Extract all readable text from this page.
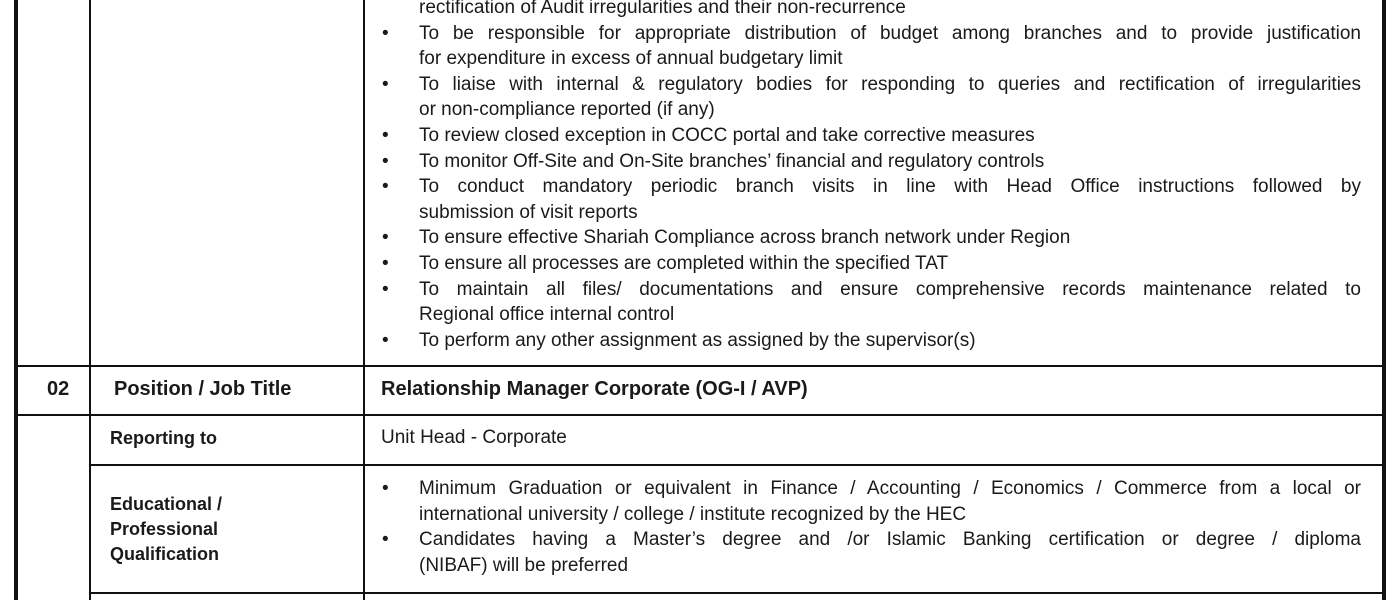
rectification of Audit irregularities and their non-recurrence
• To be responsible for appropriate distribution of budget among branches and to provide justification
for expenditure in excess of annual budgetary limit
• To liaise with internal & regulatory bodies for responding to queries and rectification of irregularities
or non-compliance reported (if any)
• To review closed exception in COCC portal and take corrective measures
• To monitor Off-Site and On-Site branches’ financial and regulatory controls
• To conduct mandatory periodic branch visits in line with Head Office instructions followed by
submission of visit reports
• To ensure effective Shariah Compliance across branch network under Region
• To ensure all processes are completed within the specified TAT
• To maintain all files/ documentations and ensure comprehensive records maintenance related to
Regional office internal control
• To perform any other assignment as assigned by the supervisor(s)
02 Position / Job Title	Relationship Manager Corporate (OG-I / AVP)
Reporting to	Unit Head - Corporate
Educational /
Professional
Qualification
• Minimum Graduation or equivalent in Finance / Accounting / Economics / Commerce from a local or
international university / college / institute recognized by the HEC
• Candidates having a Master’s degree and /or Islamic Banking certification or degree / diploma
(NIBAF) will be preferred
